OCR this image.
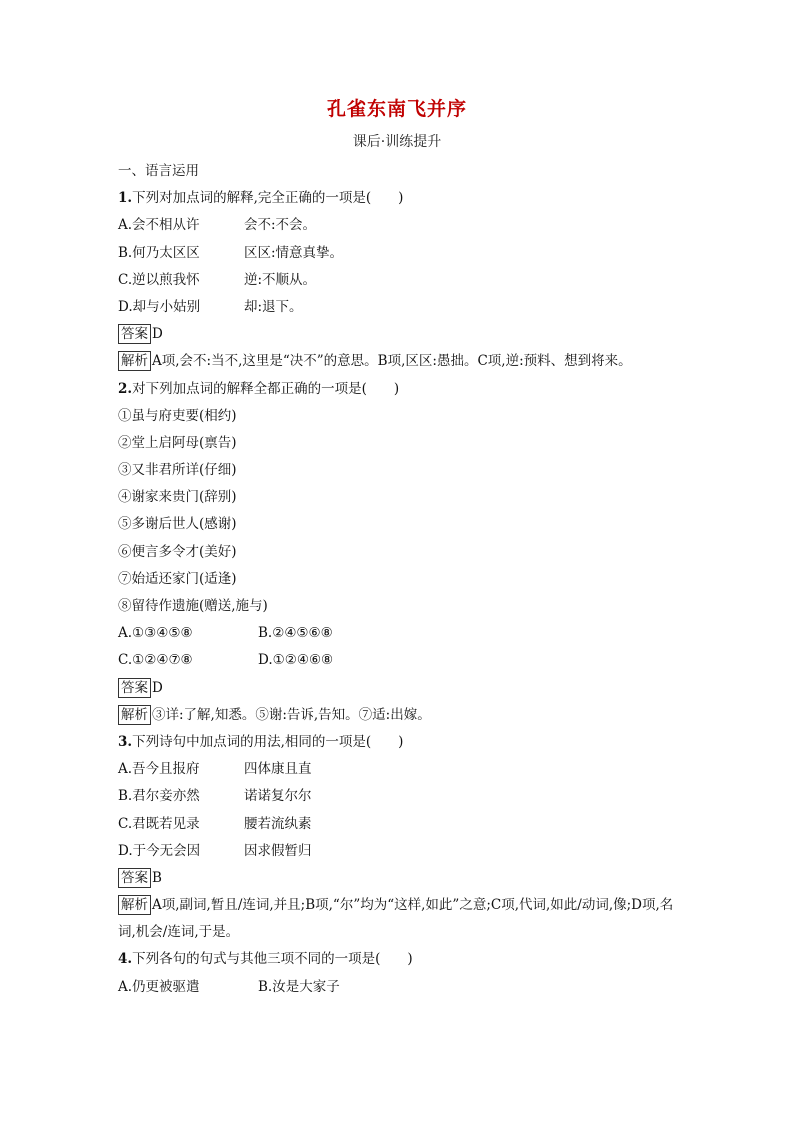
孔雀东南飞并序
课后·训练提升
一、语言运用
1.下列对加点词的解释,完全正确的一项是(　　)
A.会不相从许	会不:不会。
B.何乃太区区	区区:情意真挚。
C.逆以煎我怀	逆:不顺从。
D.却与小姑别	却:退下。
答案 D
解析 A项,会不:当不,这里是“决不”的意思。B项,区区:愚拙。C项,逆:预料、想到将来。
2.对下列加点词的解释全都正确的一项是(　　)
①虽与府吏要(相约)
②堂上启阿母(禀告)
③又非君所详(仔细)
④谢家来贵门(辞别)
⑤多谢后世人(感谢)
⑥便言多令才(美好)
⑦始适还家门(适逢)
⑧留待作遗施(赠送,施与)
A.①③④⑤⑧	B.②④⑤⑥⑧
C.①②④⑦⑧	D.①②④⑥⑧
答案 D
解析 ③详:了解,知悉。⑤谢:告诉,告知。⑦适:出嫁。
3.下列诗句中加点词的用法,相同的一项是(　　)
A.吾今且报府	四体康且直
B.君尔妾亦然	诺诺复尔尔
C.君既若见录	腰若流纨素
D.于今无会因	因求假暂归
答案 B
解析 A项,副词,暂且/连词,并且;B项,“尔”均为“这样,如此”之意;C项,代词,如此/动词,像;D项,名词,机会/连词,于是。
4.下列各句的句式与其他三项不同的一项是(　　)
A.仍更被驱遣	B.汝是大家子
